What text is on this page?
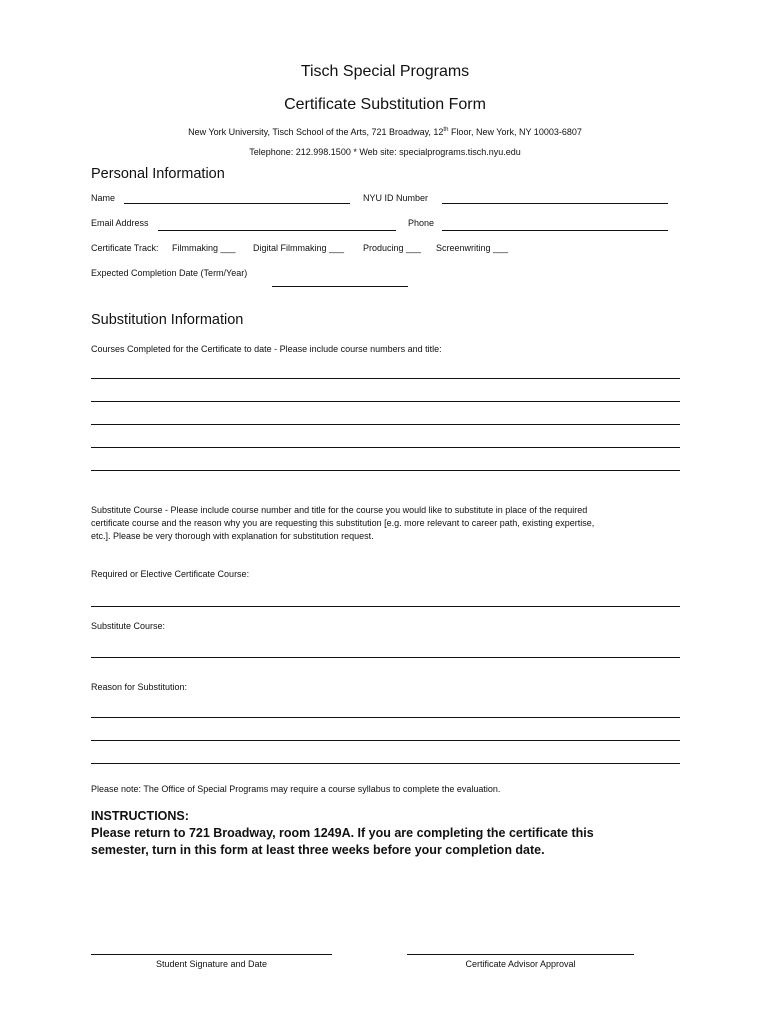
Tisch Special Programs
Certificate Substitution Form
New York University, Tisch School of the Arts, 721 Broadway, 12th Floor, New York, NY 10003-6807
Telephone: 212.998.1500 * Web site: specialprograms.tisch.nyu.edu
Personal Information
Name	NYU ID Number
Email Address	Phone
Certificate Track: Filmmaking ___ Digital Filmmaking ___ Producing ___ Screenwriting ___
Expected Completion Date (Term/Year)
Substitution Information
Courses Completed for the Certificate to date - Please include course numbers and title:
Substitute Course - Please include course number and title for the course you would like to substitute in place of the required
certificate course and the reason why you are requesting this substitution [e.g. more relevant to career path, existing expertise,
etc.]. Please be very thorough with explanation for substitution request.
Required or Elective Certificate Course:
Substitute Course:
Reason for Substitution:
Please note: The Office of Special Programs may require a course syllabus to complete the evaluation.
INSTRUCTIONS:
Please return to 721 Broadway, room 1249A. If you are completing the certificate this
semester, turn in this form at least three weeks before your completion date.
Student Signature and Date	Certificate Advisor Approval
